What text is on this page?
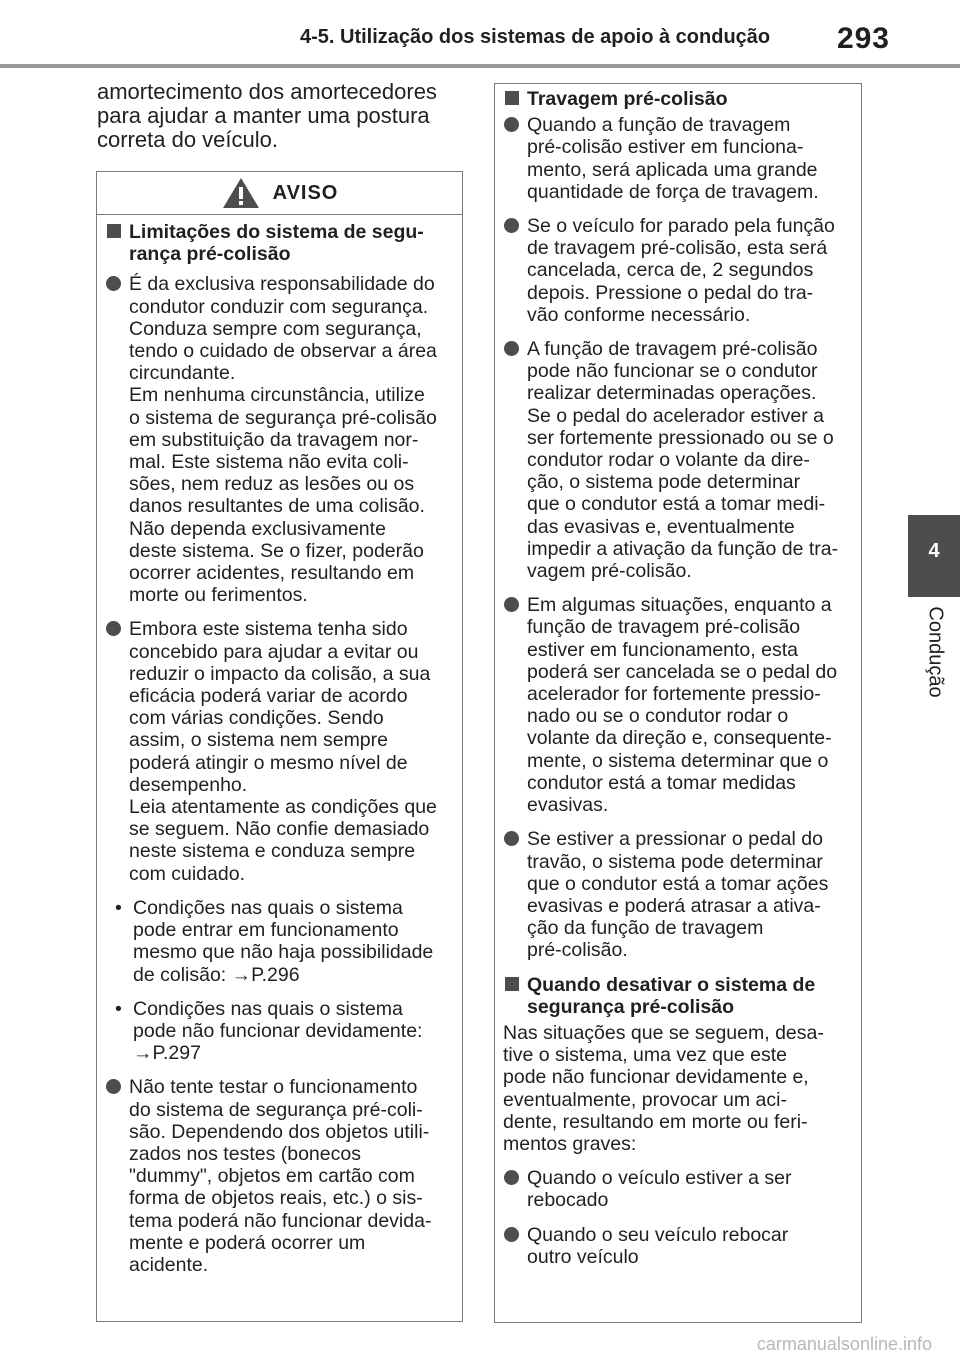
4-5. Utilização dos sistemas de apoio à condução 293
4
Condução
amortecimento dos amortecedores
para ajudar a manter uma postura
correta do veículo.
AVISO
Limitações do sistema de segu-
rança pré-colisão
É da exclusiva responsabilidade do
condutor conduzir com segurança.
Conduza sempre com segurança,
tendo o cuidado de observar a área
circundante.
Em nenhuma circunstância, utilize
o sistema de segurança pré-colisão
em substituição da travagem nor-
mal. Este sistema não evita coli-
sões, nem reduz as lesões ou os
danos resultantes de uma colisão.
Não dependa exclusivamente
deste sistema. Se o fizer, poderão
ocorrer acidentes, resultando em
morte ou ferimentos.
Embora este sistema tenha sido
concebido para ajudar a evitar ou
reduzir o impacto da colisão, a sua
eficácia poderá variar de acordo
com várias condições. Sendo
assim, o sistema nem sempre
poderá atingir o mesmo nível de
desempenho.
Leia atentamente as condições que
se seguem. Não confie demasiado
neste sistema e conduza sempre
com cuidado.
• Condições nas quais o sistema
pode entrar em funcionamento
mesmo que não haja possibilidade
de colisão: →P.296
• Condições nas quais o sistema
pode não funcionar devidamente:
→P.297
Não tente testar o funcionamento
do sistema de segurança pré-coli-
são. Dependendo dos objetos utili-
zados nos testes (bonecos
"dummy", objetos em cartão com
forma de objetos reais, etc.) o sis-
tema poderá não funcionar devida-
mente e poderá ocorrer um
acidente.
Travagem pré-colisão
Quando a função de travagem
pré-colisão estiver em funciona-
mento, será aplicada uma grande
quantidade de força de travagem.
Se o veículo for parado pela função
de travagem pré-colisão, esta será
cancelada, cerca de, 2 segundos
depois. Pressione o pedal do tra-
vão conforme necessário.
A função de travagem pré-colisão
pode não funcionar se o condutor
realizar determinadas operações.
Se o pedal do acelerador estiver a
ser fortemente pressionado ou se o
condutor rodar o volante da dire-
ção, o sistema pode determinar
que o condutor está a tomar medi-
das evasivas e, eventualmente
impedir a ativação da função de tra-
vagem pré-colisão.
Em algumas situações, enquanto a
função de travagem pré-colisão
estiver em funcionamento, esta
poderá ser cancelada se o pedal do
acelerador for fortemente pressio-
nado ou se o condutor rodar o
volante da direção e, consequente-
mente, o sistema determinar que o
condutor está a tomar medidas
evasivas.
Se estiver a pressionar o pedal do
travão, o sistema pode determinar
que o condutor está a tomar ações
evasivas e poderá atrasar a ativa-
ção da função de travagem
pré-colisão.
Quando desativar o sistema de
segurança pré-colisão
Nas situações que se seguem, desa-
tive o sistema, uma vez que este
pode não funcionar devidamente e,
eventualmente, provocar um aci-
dente, resultando em morte ou feri-
mentos graves:
Quando o veículo estiver a ser
rebocado
Quando o seu veículo rebocar
outro veículo
carmanualsonline.info
